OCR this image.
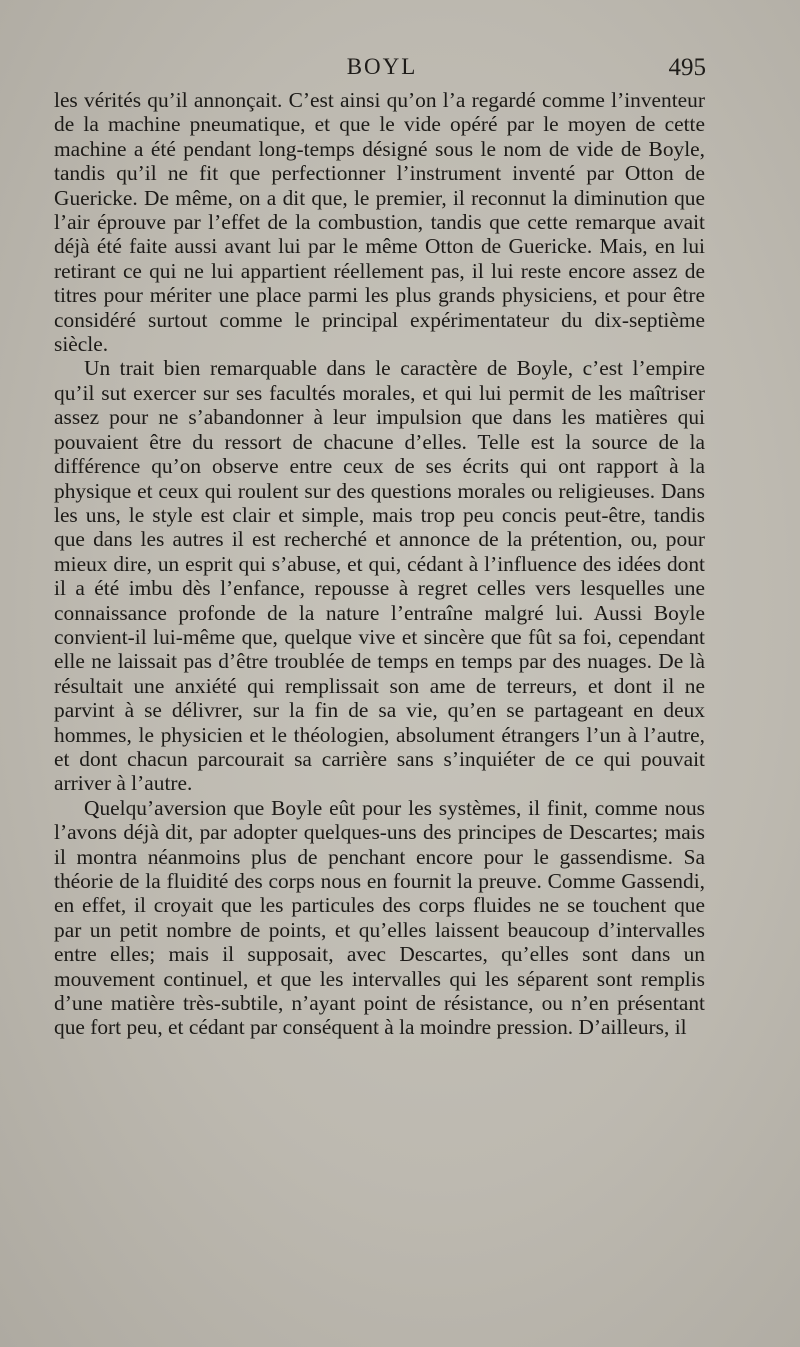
BOYL	495

les vérités qu’il annonçait. C’est ainsi qu’on l’a regardé comme l’inventeur de la machine pneumatique, et que le vide opéré par le moyen de cette machine a été pendant long-temps désigné sous le nom de vide de Boyle, tandis qu’il ne fit que perfectionner l’instrument inventé par Otton de Guericke. De même, on a dit que, le premier, il reconnut la diminution que l’air éprouve par l’effet de la combustion, tandis que cette remarque avait déjà été faite aussi avant lui par le même Otton de Guericke. Mais, en lui retirant ce qui ne lui appartient réellement pas, il lui reste encore assez de titres pour mériter une place parmi les plus grands physiciens, et pour être considéré surtout comme le principal expérimentateur du dix-septième siècle.

Un trait bien remarquable dans le caractère de Boyle, c’est l’empire qu’il sut exercer sur ses facultés morales, et qui lui permit de les maîtriser assez pour ne s’abandonner à leur impulsion que dans les matières qui pouvaient être du ressort de chacune d’elles. Telle est la source de la différence qu’on observe entre ceux de ses écrits qui ont rapport à la physique et ceux qui roulent sur des questions morales ou religieuses. Dans les uns, le style est clair et simple, mais trop peu concis peut-être, tandis que dans les autres il est recherché et annonce de la prétention, ou, pour mieux dire, un esprit qui s’abuse, et qui, cédant à l’influence des idées dont il a été imbu dès l’enfance, repousse à regret celles vers lesquelles une connaissance profonde de la nature l’entraîne malgré lui. Aussi Boyle convient-il lui-même que, quelque vive et sincère que fût sa foi, cependant elle ne laissait pas d’être troublée de temps en temps par des nuages. De là résultait une anxiété qui remplissait son ame de terreurs, et dont il ne parvint à se délivrer, sur la fin de sa vie, qu’en se partageant en deux hommes, le physicien et le théologien, absolument étrangers l’un à l’autre, et dont chacun parcourait sa carrière sans s’inquiéter de ce qui pouvait arriver à l’autre.

Quelqu’aversion que Boyle eût pour les systèmes, il finit, comme nous l’avons déjà dit, par adopter quelques-uns des principes de Descartes; mais il montra néanmoins plus de penchant encore pour le gassendisme. Sa théorie de la fluidité des corps nous en fournit la preuve. Comme Gassendi, en effet, il croyait que les particules des corps fluides ne se touchent que par un petit nombre de points, et qu’elles laissent beaucoup d’intervalles entre elles; mais il supposait, avec Descartes, qu’elles sont dans un mouvement continuel, et que les intervalles qui les séparent sont remplis d’une matière très-subtile, n’ayant point de résistance, ou n’en présentant que fort peu, et cédant par conséquent à la moindre pression. D’ailleurs, il
